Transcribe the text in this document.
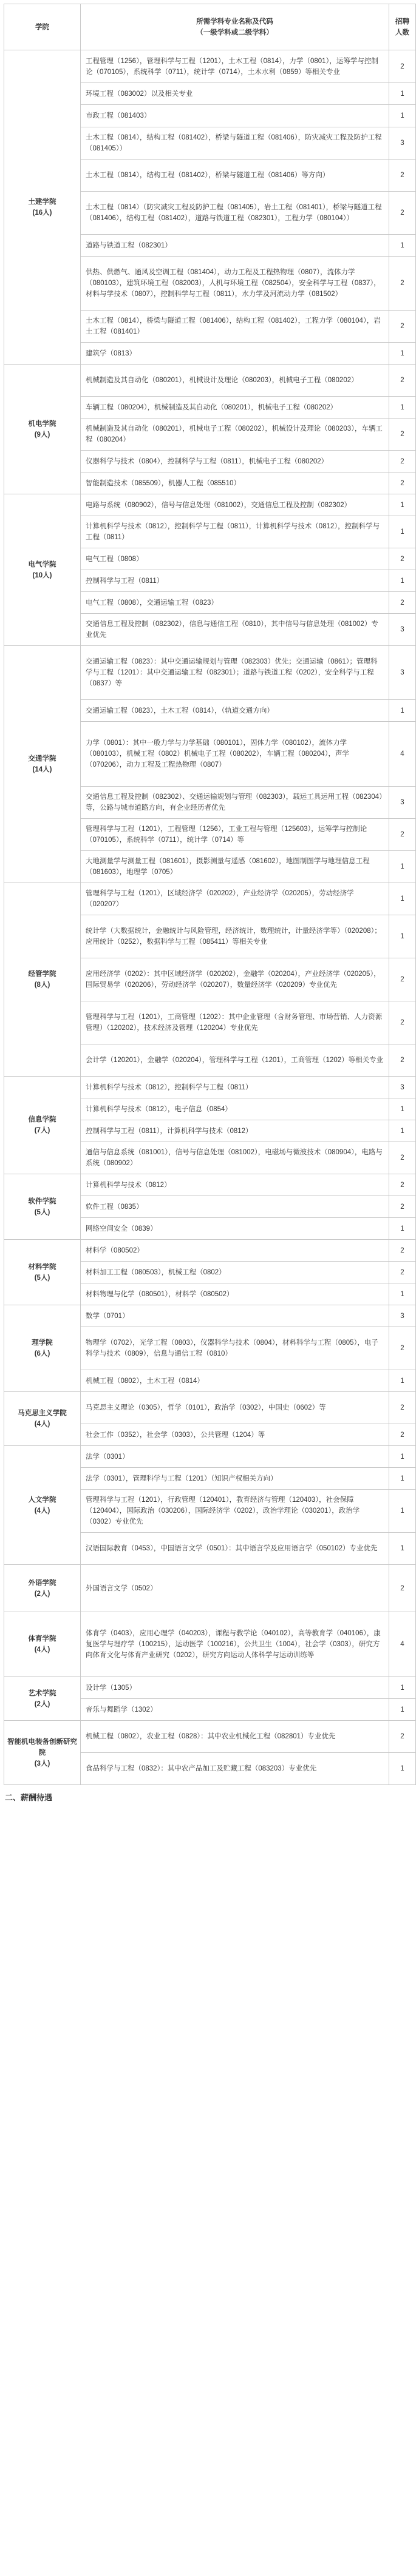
学院	所需学科专业名称及代码
（一级学科或二级学科）	招聘
人数

土建学院
(16人)	工程管理（1256），管理科学与工程（1201），土木工程（0814），力学（0801），运筹学与控制论（070105），系统科学（0711），统计学（0714），土木水利（0859）等相关专业	2
	环境工程（083002）以及相关专业	1
	市政工程（081403）	1
	土木工程（0814），结构工程（081402），桥梁与隧道工程（081406），防灾减灾工程及防护工程（081405））	3
	土木工程（0814），结构工程（081402），桥梁与隧道工程（081406）等方向）	2
	土木工程（0814）（防灾减灾工程及防护工程（081405），岩土工程（081401），桥梁与隧道工程（081406），结构工程（081402），道路与铁道工程（082301），工程力学（080104））	2
	道路与铁道工程（082301）	1
	供热、供燃气、通风及空调工程（081404），动力工程及工程热物理（0807），流体力学（080103），建筑环境工程（082003），人机与环境工程（082504），安全科学与工程（0837），材料与学技术（0807），控制科学与工程（0811），水力学及河流动力学（081502）	2
	土木工程（0814），桥梁与隧道工程（081406），结构工程（081402），工程力学（080104），岩土工程（081401）	2
	建筑学（0813）	1

机电学院
(9人)	机械制造及其自动化（080201），机械设计及理论（080203），机械电子工程（080202）	2
	车辆工程（080204），机械制造及其自动化（080201），机械电子工程（080202）	1
	机械制造及其自动化（080201），机械电子工程（080202），机械设计及理论（080203），车辆工程（080204）	2
	仪器科学与技术（0804），控制科学与工程（0811），机械电子工程（080202）	2
	智能制造技术（085509），机器人工程（085510）	2

电气学院
(10人)	电路与系统（080902），信号与信息处理（081002），交通信息工程及控制（082302）	1
	计算机科学与技术（0812），控制科学与工程（0811），计算机科学与技术（0812），控制科学与工程（0811）	1
	电气工程（0808）	2
	控制科学与工程（0811）	1
	电气工程（0808），交通运输工程（0823）	2
	交通信息工程及控制（082302），信息与通信工程（0810），其中信号与信息处理（081002）专业优先	3

交通学院
(14人)	交通运输工程（0823）：其中交通运输规划与管理（082303）优先；交通运输（0861）；管理科学与工程（1201）：其中交通运输工程（082301）；道路与铁道工程（0202），安全科学与工程（0837）等	3
	交通运输工程（0823），土木工程（0814），（轨道交通方向）	1
	力学（0801）：其中一般力学与力学基础（080101），固体力学（080102），流体力学（080103），机械工程（0802）机械电子工程（080202），车辆工程（080204），声学（070206），动力工程及工程热物理（0807）	4
	交通信息工程及控制（082302）、交通运输规划与管理（082303），载运工具运用工程（082304）等，公路与城市道路方向，有企业经历者优先	3
	管理科学与工程（1201），工程管理（1256），工业工程与管理（125603），运筹学与控制论（070105），系统科学（0711），统计学（0714）等	2
	大地测量学与测量工程（081601），摄影测量与遥感（081602），地图制图学与地理信息工程（081603），地理学（0705）	1

经管学院
(8人)	管理科学与工程（1201），区域经济学（020202），产业经济学（020205），劳动经济学（020207）	1
	统计学（大数据统计，金融统计与风险管理，经济统计，数理统计，计量经济学等）（020208）；应用统计（0252），数据科学与工程（085411）等相关专业	1
	应用经济学（0202）：其中区域经济学（020202），金融学（020204），产业经济学（020205），国际贸易学（020206），劳动经济学（020207），数量经济学（020209）专业优先	2
	管理科学与工程（1201），工商管理（1202）：其中企业管理（含财务管理、市场营销、人力资源管理）（120202），技术经济及管理（120204）专业优先	2
	会计学（120201），金融学（020204），管理科学与工程（1201），工商管理（1202）等相关专业	2

信息学院
(7人)	计算机科学与技术（0812），控制科学与工程（0811）	3
	计算机科学与技术（0812），电子信息（0854）	1
	控制科学与工程（0811），计算机科学与技术（0812）	1
	通信与信息系统（081001），信号与信息处理（081002），电磁场与微波技术（080904），电路与系统（080902）	2

软件学院
(5人)	计算机科学与技术（0812）	2
	软件工程（0835）	2
	网络空间安全（0839）	1

材料学院
(5人)	材料学（080502）	2
	材料加工工程（080503），机械工程（0802）	2
	材料物理与化学（080501），材料学（080502）	1

理学院
(6人)	数学（0701）	3
	物理学（0702），光学工程（0803），仪器科学与技术（0804），材料科学与工程（0805），电子科学与技术（0809），信息与通信工程（0810）	2
	机械工程（0802），土木工程（0814）	1

马克思主义学院
(4人)	马克思主义理论（0305），哲学（0101），政治学（0302），中国史（0602）等	2
	社会工作（0352），社会学（0303），公共管理（1204）等	2

人文学院
(4人)	法学（0301）	1
	法学（0301），管理科学与工程（1201）（知识产权相关方向）	1
	管理科学与工程（1201），行政管理（120401），教育经济与管理（120403），社会保障（120404），国际政治（030206），国际经济学（0202），政治学理论（030201），政治学（0302）专业优先	1
	汉语国际教育（0453），中国语言文学（0501）：其中语言学及应用语言学（050102）专业优先	1

外语学院
(2人)	外国语言文学（0502）	2

体育学院
(4人)	体育学（0403），应用心理学（040203），课程与教学论（040102），高等教育学（040106），康复医学与理疗学（100215），运动医学（100216），公共卫生（1004），社会学（0303），研究方向体育文化与体育产业研究（0202），研究方向运动人体科学与运动训练等	4

艺术学院
(2人)	设计学（1305）	1
	音乐与舞蹈学（1302）	1

智能机电装备创新研究院
(3人)	机械工程（0802），农业工程（0828）：其中农业机械化工程（082801）专业优先	2
	食品科学与工程（0832）：其中农产品加工及贮藏工程（083203）专业优先	1
二、薪酬待遇
